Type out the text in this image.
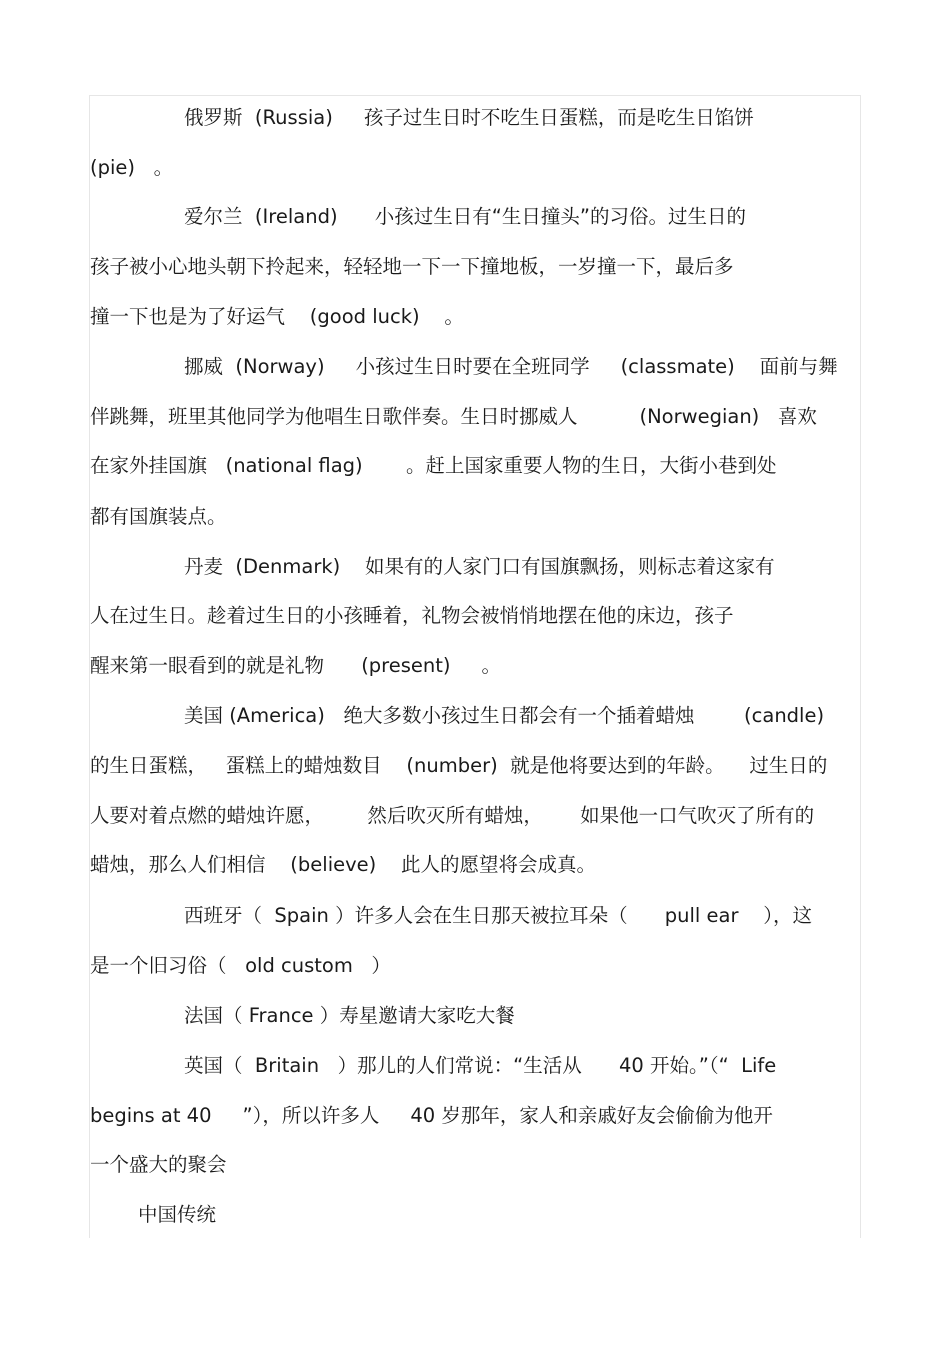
俄罗斯  (Russia)     孩子过生日时不吃生日蛋糕，而是吃生日馅饼
(pie)   。
爱尔兰  (Ireland)      小孩过生日有“生日撞头”的习俗。过生日的
孩子被小心地头朝下拎起来，轻轻地一下一下撞地板，一岁撞一下，最后多
撞一下也是为了好运气    (good luck)    。
挪威  (Norway)     小孩过生日时要在全班同学     (classmate)    面前与舞
伴跳舞，班里其他同学为他唱生日歌伴奏。生日时挪威人          (Norwegian)   喜欢
在家外挂国旗   (national flag)       。赶上国家重要人物的生日，大街小巷到处
都有国旗装点。
丹麦  (Denmark)    如果有的人家门口有国旗飘扬，则标志着这家有
人在过生日。趁着过生日的小孩睡着，礼物会被悄悄地摆在他的床边，孩子
醒来第一眼看到的就是礼物      (present)     。
美国 (America)   绝大多数小孩过生日都会有一个插着蜡烛        (candle)
的生日蛋糕，   蛋糕上的蜡烛数目    (number)  就是他将要达到的年龄。    过生日的
人要对着点燃的蜡烛许愿，       然后吹灭所有蜡烛，      如果他一口气吹灭了所有的
蜡烛，那么人们相信    (believe)    此人的愿望将会成真。
西班牙（  Spain ）许多人会在生日那天被拉耳朵（      pull ear    ），这
是一个旧习俗（   old custom   ）
法国（ France ）寿星邀请大家吃大餐
英国（  Britain   ）那儿的人们常说：“生活从      40 开始。”（“  Life
begins at 40     ”），所以许多人     40 岁那年，家人和亲戚好友会偷偷为他开
一个盛大的聚会
中国传统
